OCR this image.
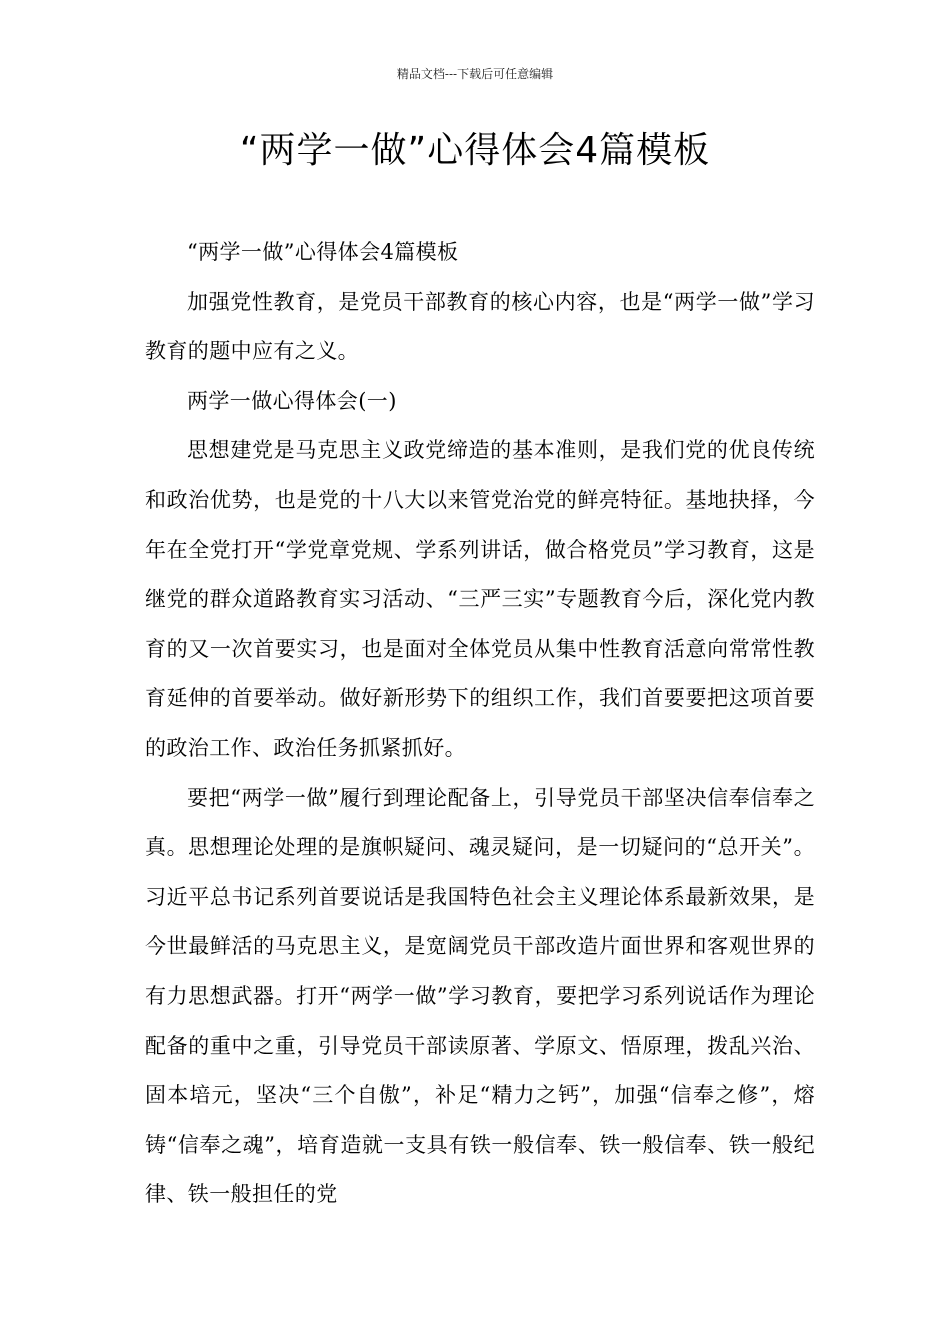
精品文档---下载后可任意编辑
“两学一做”心得体会4篇模板

“两学一做”心得体会4篇模板

加强党性教育，是党员干部教育的核心内容，也是“两学一做”学习教育的题中应有之义。

两学一做心得体会(一)

思想建党是马克思主义政党缔造的基本准则，是我们党的优良传统和政治优势，也是党的十八大以来管党治党的鲜亮特征。基地抉择，今年在全党打开“学党章党规、学系列讲话，做合格党员”学习教育，这是继党的群众道路教育实习活动、“三严三实”专题教育今后，深化党内教育的又一次首要实习，也是面对全体党员从集中性教育活意向常常性教育延伸的首要举动。做好新形势下的组织工作，我们首要要把这项首要的政治工作、政治任务抓紧抓好。

要把“两学一做”履行到理论配备上，引导党员干部坚决信奉信奉之真。思想理论处理的是旗帜疑问、魂灵疑问，是一切疑问的“总开关”。习近平总书记系列首要说话是我国特色社会主义理论体系最新效果，是今世最鲜活的马克思主义，是宽阔党员干部改造片面世界和客观世界的有力思想武器。打开“两学一做”学习教育，要把学习系列说话作为理论配备的重中之重，引导党员干部读原著、学原文、悟原理，拨乱兴治、固本培元，坚决“三个自傲”，补足“精力之钙”，加强“信奉之修”，熔铸“信奉之魂”，培育造就一支具有铁一般信奉、铁一般信奉、铁一般纪律、铁一般担任的党
